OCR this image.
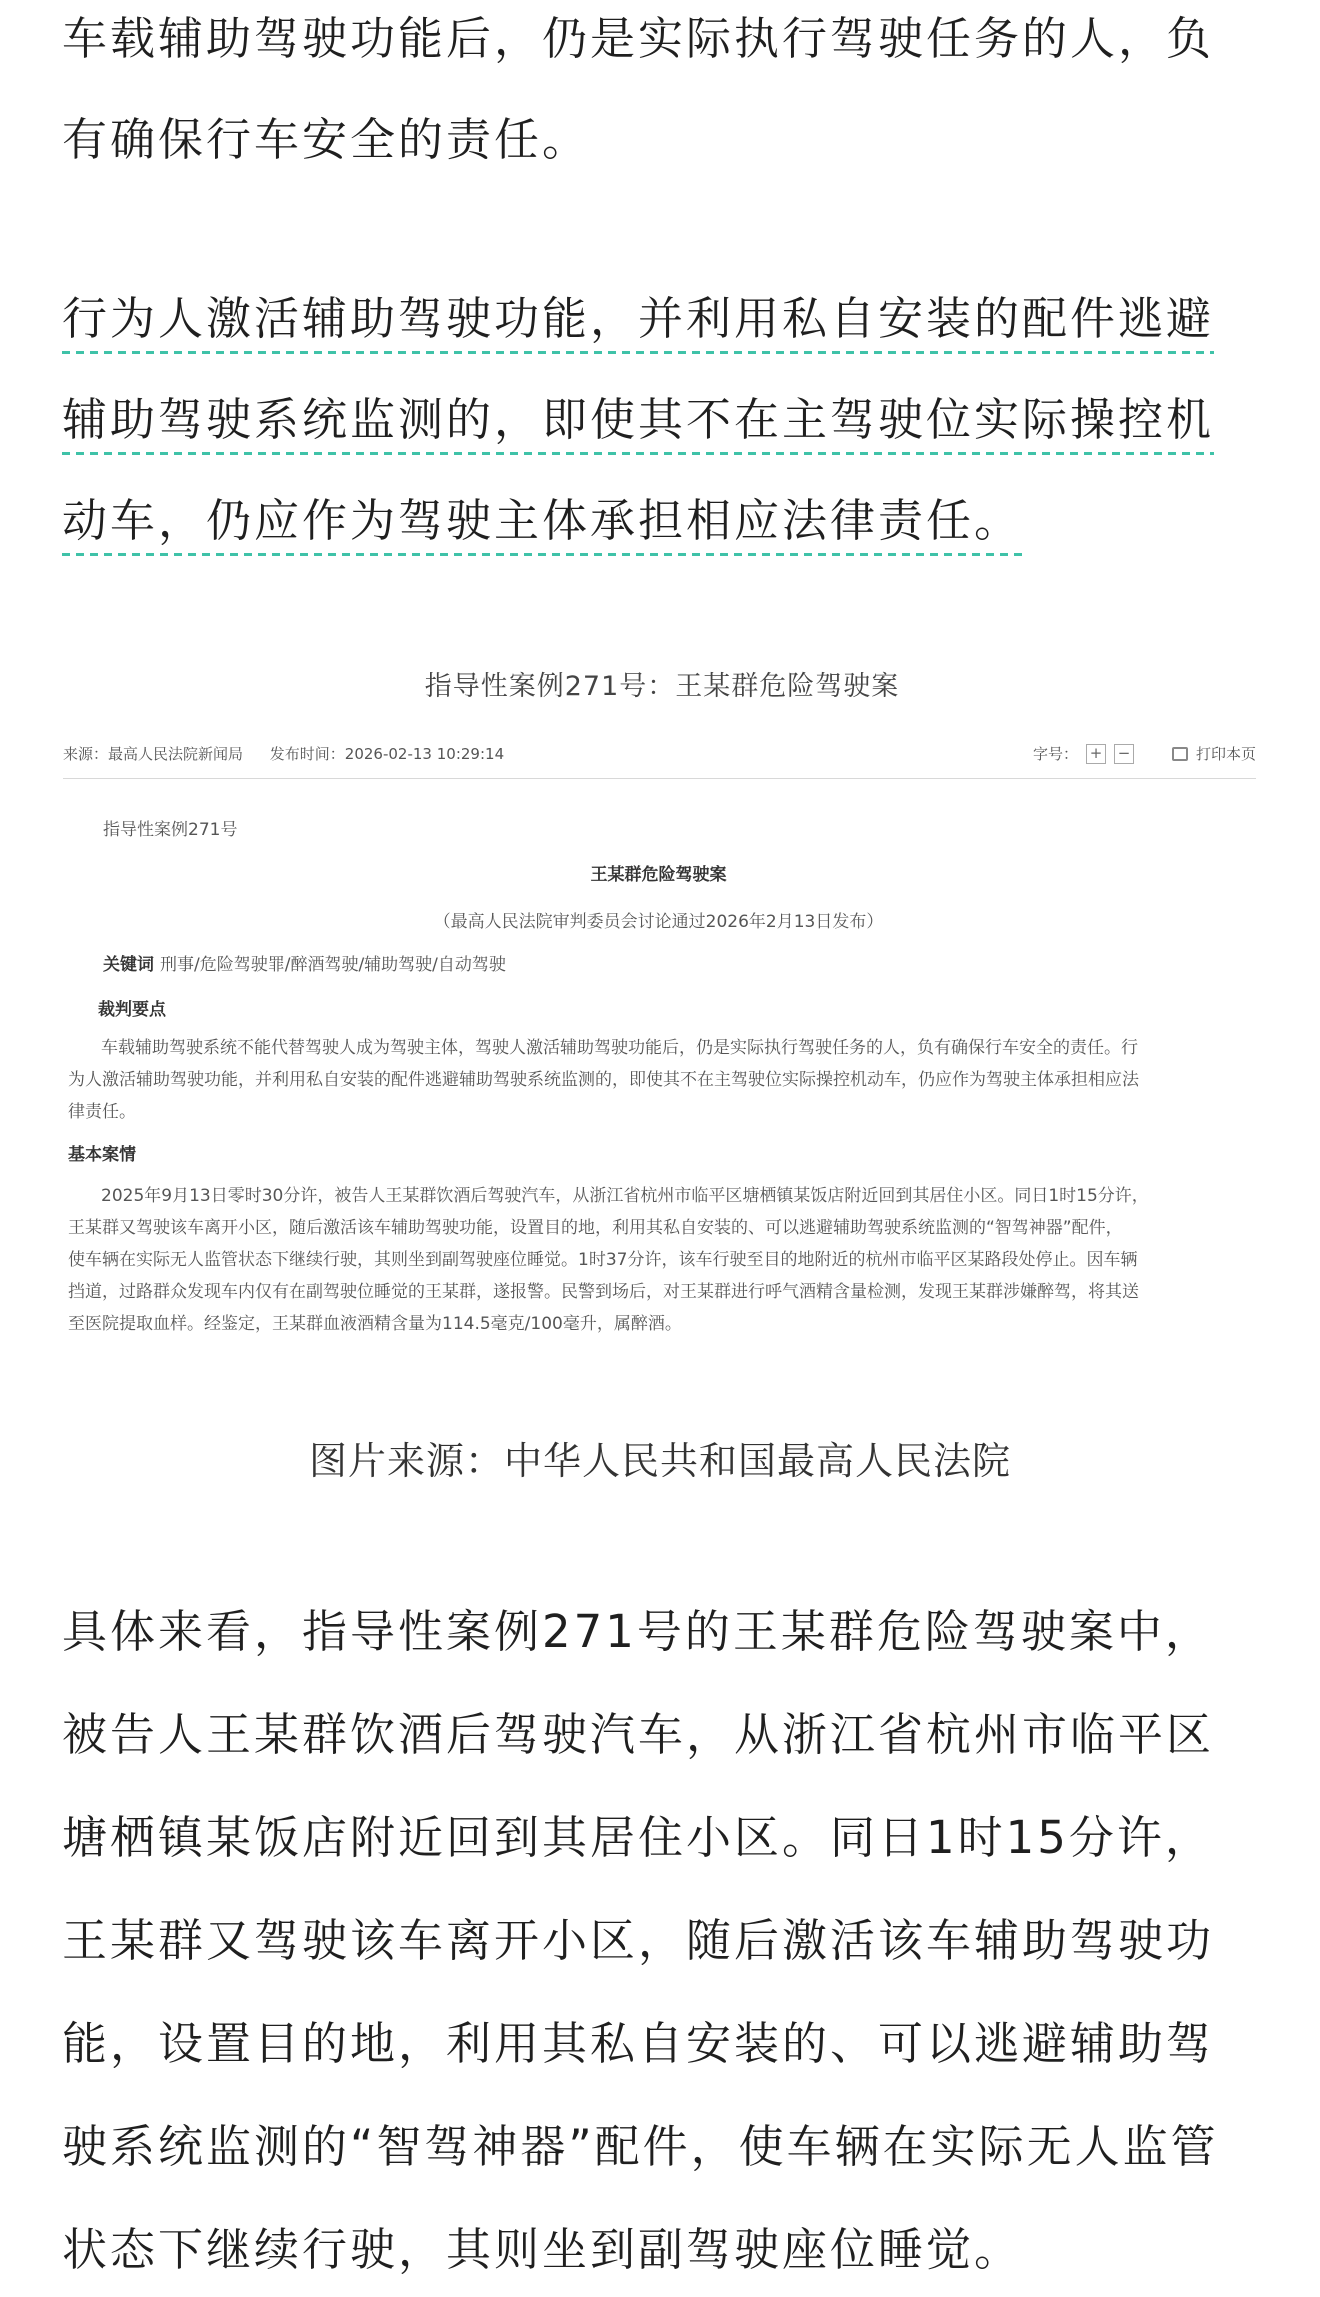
车载辅助驾驶功能后，仍是实际执行驾驶任务的人，负
有确保行车安全的责任。
行为人激活辅助驾驶功能，并利用私自安装的配件逃避
辅助驾驶系统监测的，即使其不在主驾驶位实际操控机
动车，仍应作为驾驶主体承担相应法律责任。
指导性案例271号：王某群危险驾驶案
来源：最高人民法院新闻局 发布时间：2026-02-13 10:29:14	字号： + −	打印本页
指导性案例271号
王某群危险驾驶案
（最高人民法院审判委员会讨论通过2026年2月13日发布）
关键词 刑事/危险驾驶罪/醉酒驾驶/辅助驾驶/自动驾驶
裁判要点
车载辅助驾驶系统不能代替驾驶人成为驾驶主体，驾驶人激活辅助驾驶功能后，仍是实际执行驾驶任务的人，负有确保行车安全的责任。行
为人激活辅助驾驶功能，并利用私自安装的配件逃避辅助驾驶系统监测的，即使其不在主驾驶位实际操控机动车，仍应作为驾驶主体承担相应法
律责任。
基本案情
2025年9月13日零时30分许，被告人王某群饮酒后驾驶汽车，从浙江省杭州市临平区塘栖镇某饭店附近回到其居住小区。同日1时15分许，
王某群又驾驶该车离开小区，随后激活该车辅助驾驶功能，设置目的地，利用其私自安装的、可以逃避辅助驾驶系统监测的“智驾神器”配件，
使车辆在实际无人监管状态下继续行驶，其则坐到副驾驶座位睡觉。1时37分许，该车行驶至目的地附近的杭州市临平区某路段处停止。因车辆
挡道，过路群众发现车内仅有在副驾驶位睡觉的王某群，遂报警。民警到场后，对王某群进行呼气酒精含量检测，发现王某群涉嫌醉驾，将其送
至医院提取血样。经鉴定，王某群血液酒精含量为114.5毫克/100毫升，属醉酒。
图片来源：中华人民共和国最高人民法院
具体来看，指导性案例271号的王某群危险驾驶案中，
被告人王某群饮酒后驾驶汽车，从浙江省杭州市临平区
塘栖镇某饭店附近回到其居住小区。同日1时15分许，
王某群又驾驶该车离开小区，随后激活该车辅助驾驶功
能，设置目的地，利用其私自安装的、可以逃避辅助驾
驶系统监测的“智驾神器”配件，使车辆在实际无人监管
状态下继续行驶，其则坐到副驾驶座位睡觉。
